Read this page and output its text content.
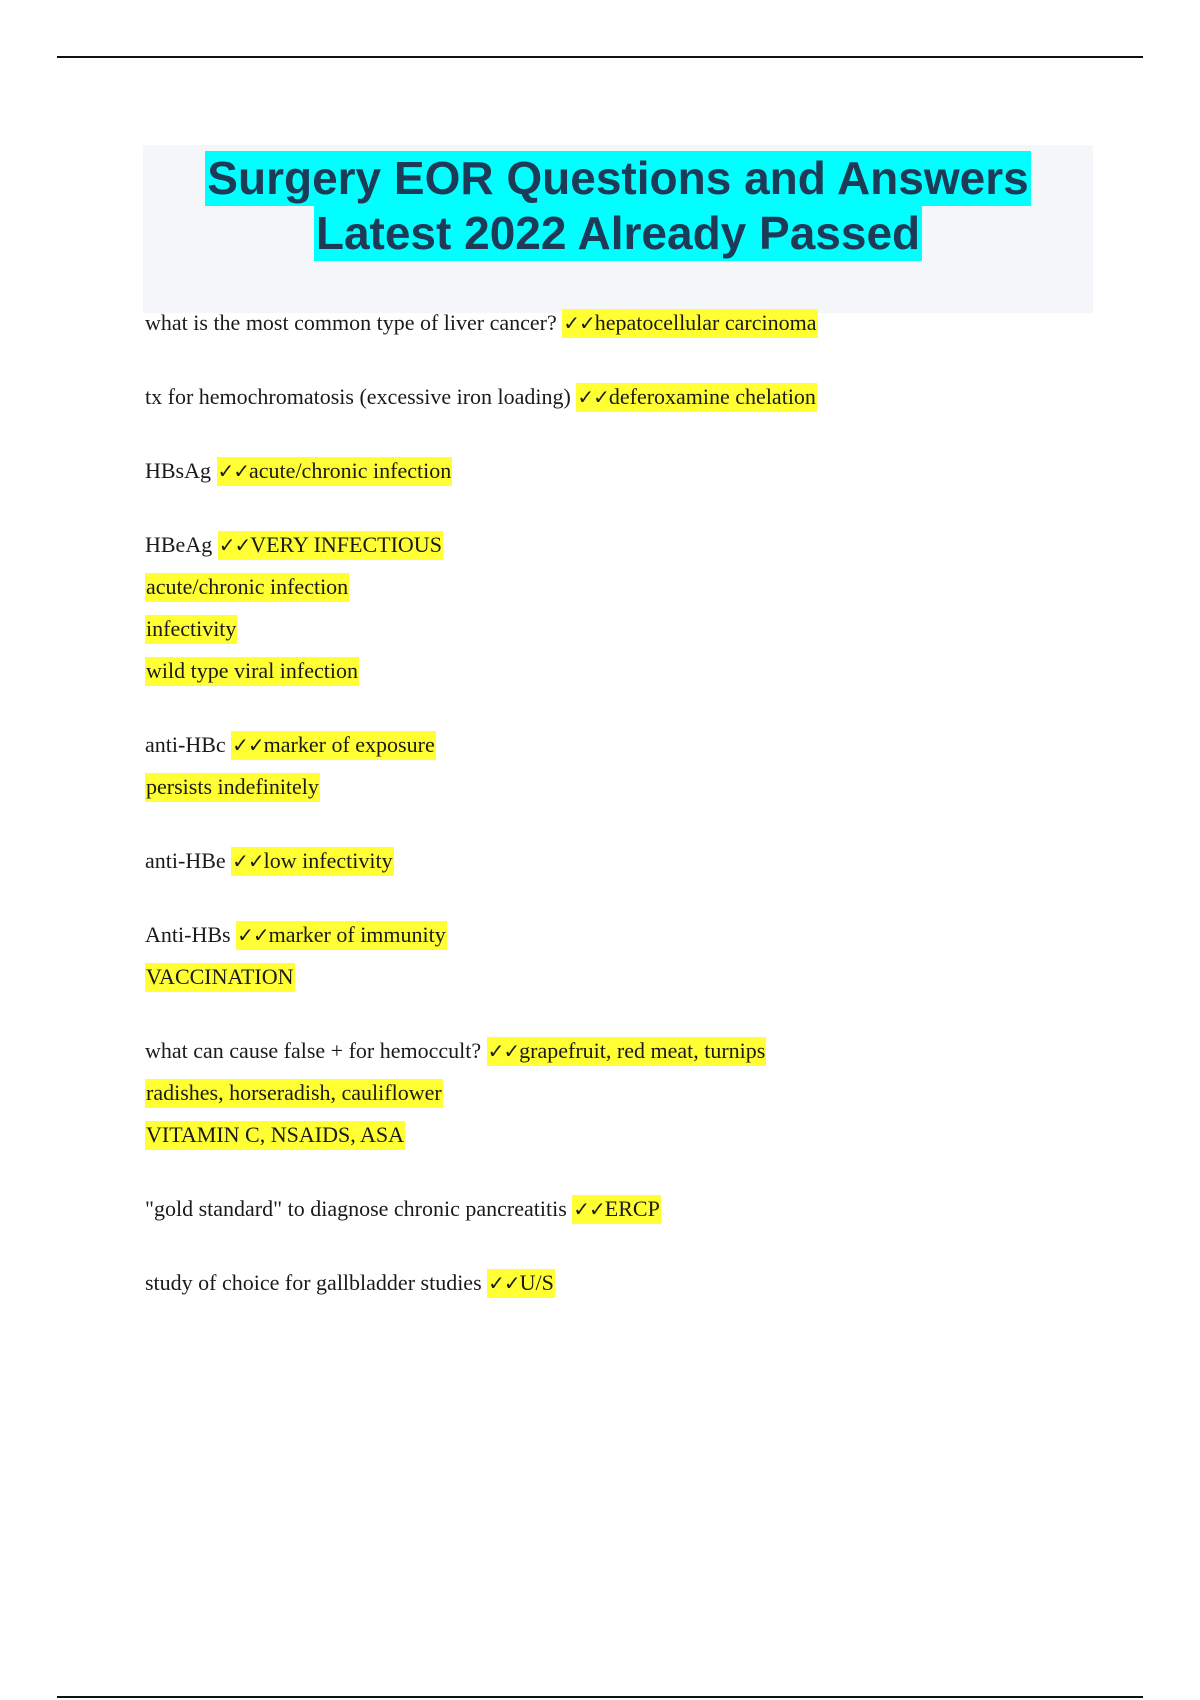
Surgery EOR Questions and Answers
Latest 2022 Already Passed
what is the most common type of liver cancer? ✓✓hepatocellular carcinoma
tx for hemochromatosis (excessive iron loading) ✓✓deferoxamine chelation
HBsAg ✓✓acute/chronic infection
HBeAg ✓✓VERY INFECTIOUS
acute/chronic infection
infectivity
wild type viral infection
anti-HBc ✓✓marker of exposure
persists indefinitely
anti-HBe ✓✓low infectivity
Anti-HBs ✓✓marker of immunity
VACCINATION
what can cause false + for hemoccult? ✓✓grapefruit, red meat, turnips
radishes, horseradish, cauliflower
VITAMIN C, NSAIDS, ASA
"gold standard" to diagnose chronic pancreatitis ✓✓ERCP
study of choice for gallbladder studies ✓✓U/S
